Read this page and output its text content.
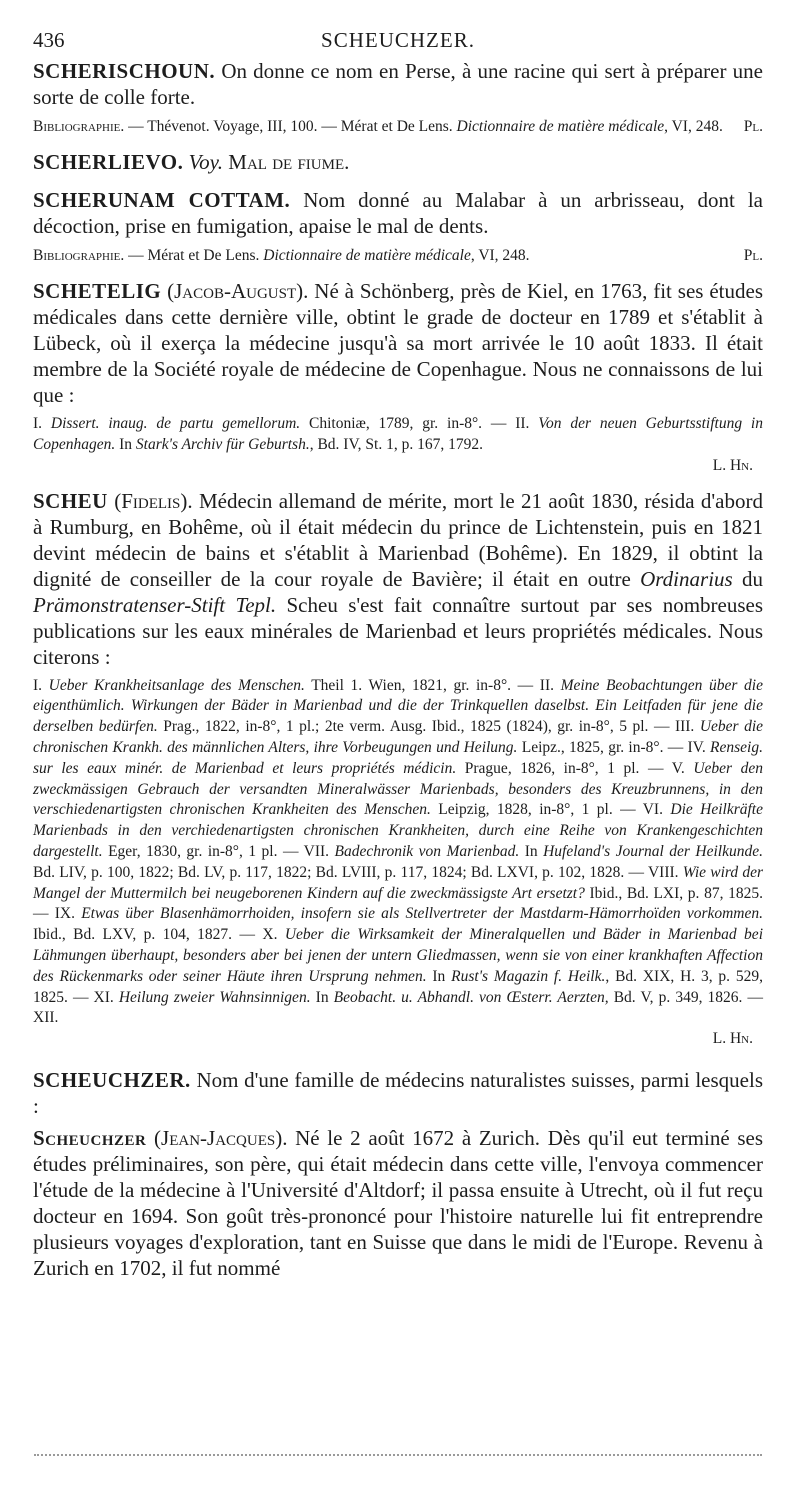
436	SCHEUCHZER.

SCHERISCHOUN. On donne ce nom en Perse, à une racine qui sert à préparer une sorte de colle forte.

Bibliographie. — Thévenot. Voyage, III, 100. — Mérat et De Lens. Dictionnaire de matière médicale, VI, 248. Pl.

SCHERLIEVO. Voy. Mal de fiume.

SCHERUNAM COTTAM. Nom donné au Malabar à un arbrisseau, dont la décoction, prise en fumigation, apaise le mal de dents.

Bibliographie. — Mérat et De Lens. Dictionnaire de matière médicale, VI, 248.	Pl.

SCHETELIG (Jacob-August). Né à Schönberg, près de Kiel, en 1763, fit ses études médicales dans cette dernière ville, obtint le grade de docteur en 1789 et s'établit à Lübeck, où il exerça la médecine jusqu'à sa mort arrivée le 10 août 1833. Il était membre de la Société royale de médecine de Copenhague. Nous ne connaissons de lui que :

I. Dissert. inaug. de partu gemellorum. Chitoniæ, 1789, gr. in-8°. — II. Von der neuen Geburtsstiftung in Copenhagen. In Stark's Archiv für Geburtsh., Bd. IV, St. 1, p. 167, 1792.

L. Hn.

SCHEU (Fidelis). Médecin allemand de mérite, mort le 21 août 1830, résida d'abord à Rumburg, en Bohême, où il était médecin du prince de Lichtenstein, puis en 1821 devint médecin de bains et s'établit à Marienbad (Bohême). En 1829, il obtint la dignité de conseiller de la cour royale de Bavière; il était en outre Ordinarius du Prämonstratenser-Stift Tepl. Scheu s'est fait connaître surtout par ses nombreuses publications sur les eaux minérales de Marienbad et leurs propriétés médicales. Nous citerons :

I. Ueber Krankheitsanlage des Menschen. Theil 1. Wien, 1821, gr. in-8°. — II. Meine Beobachtungen über die eigenthümlich. Wirkungen der Bäder in Marienbad und die der Trinkquellen daselbst. Ein Leitfaden für jene die derselben bedürfen. Prag., 1822, in-8°, 1 pl.; 2te verm. Ausg. Ibid., 1825 (1824), gr. in-8°, 5 pl. — III. Ueber die chronischen Krankh. des männlichen Alters, ihre Vorbeugungen und Heilung. Leipz., 1825, gr. in-8°. — IV. Renseig. sur les eaux minér. de Marienbad et leurs propriétés médicin. Prague, 1826, in-8°, 1 pl. — V. Ueber den zweckmässigen Gebrauch der versandten Mineralwässer Marienbads, besonders des Kreuzbrunnens, in den verschiedenartigsten chronischen Krankheiten des Menschen. Leipzig, 1828, in-8°, 1 pl. — VI. Die Heilkräfte Marienbads in den verchiedenartigsten chronischen Krankheiten, durch eine Reihe von Krankengeschichten dargestellt. Eger, 1830, gr. in-8°, 1 pl. — VII. Badechronik von Marienbad. In Hufeland's Journal der Heilkunde. Bd. LIV, p. 100, 1822; Bd. LV, p. 117, 1822; Bd. LVIII, p. 117, 1824; Bd. LXVI, p. 102, 1828. — VIII. Wie wird der Mangel der Muttermilch bei neugeborenen Kindern auf die zweckmässigste Art ersetzt? Ibid., Bd. LXI, p. 87, 1825. — IX. Etwas über Blasenhämorrhoiden, insofern sie als Stellvertreter der Mastdarm-Hämorrhoïden vorkommen. Ibid., Bd. LXV, p. 104, 1827. — X. Ueber die Wirksamkeit der Mineralquellen und Bäder in Marienbad bei Lähmungen überhaupt, besonders aber bei jenen der untern Gliedmassen, wenn sie von einer krankhaften Affection des Rückenmarks oder seiner Häute ihren Ursprung nehmen. In Rust's Magazin f. Heilk., Bd. XIX, H. 3, p. 529, 1825. — XI. Heilung zweier Wahnsinnigen. In Beobacht. u. Abhandl. von Œsterr. Aerzten, Bd. V, p. 349, 1826. — XII.

L. Hn.

SCHEUCHZER. Nom d'une famille de médecins naturalistes suisses, parmi lesquels :

Scheuchzer (Jean-Jacques). Né le 2 août 1672 à Zurich. Dès qu'il eut terminé ses études préliminaires, son père, qui était médecin dans cette ville, l'envoya commencer l'étude de la médecine à l'Université d'Altdorf; il passa ensuite à Utrecht, où il fut reçu docteur en 1694. Son goût très-prononcé pour l'histoire naturelle lui fit entreprendre plusieurs voyages d'exploration, tant en Suisse que dans le midi de l'Europe. Revenu à Zurich en 1702, il fut nommé
